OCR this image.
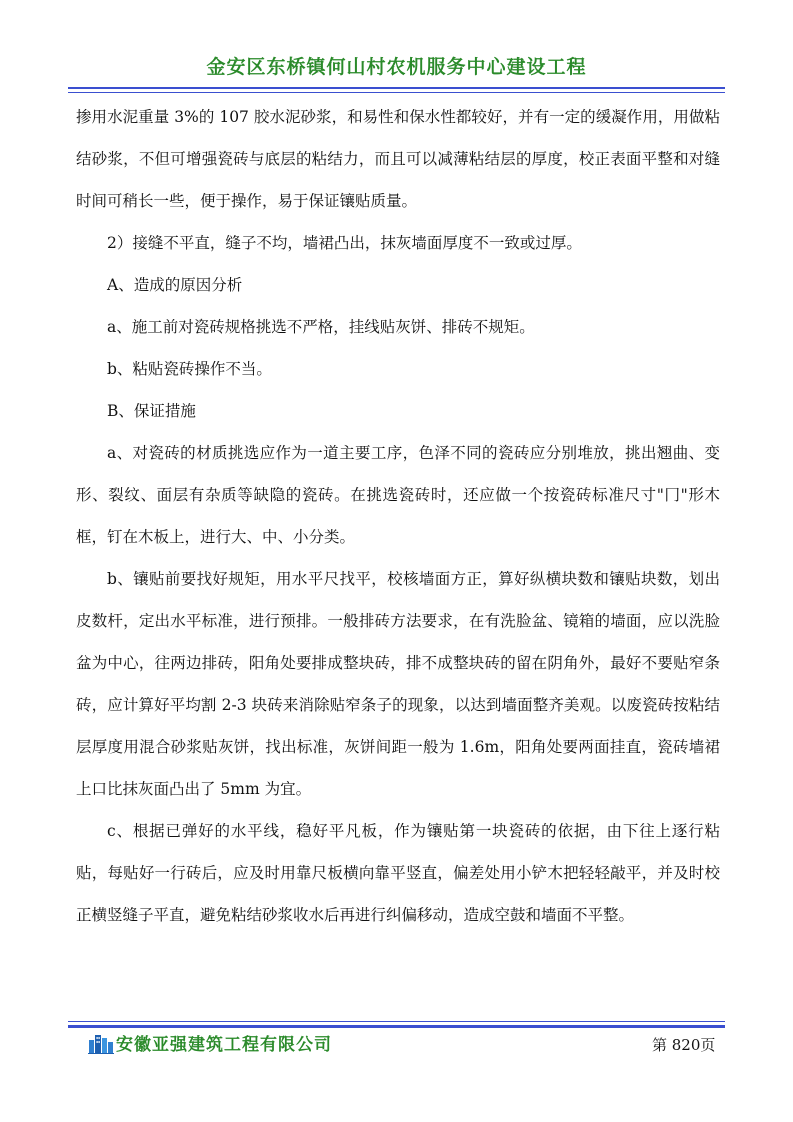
金安区东桥镇何山村农机服务中心建设工程

掺用水泥重量 3%的 107 胶水泥砂浆，和易性和保水性都较好，并有一定的缓凝作用，用做粘结砂浆，不但可增强瓷砖与底层的粘结力，而且可以减薄粘结层的厚度，校正表面平整和对缝时间可稍长一些，便于操作，易于保证镶贴质量。

2）接缝不平直，缝子不均，墙裙凸出，抹灰墙面厚度不一致或过厚。

A、造成的原因分析

a、施工前对瓷砖规格挑选不严格，挂线贴灰饼、排砖不规矩。

b、粘贴瓷砖操作不当。

B、保证措施

a、对瓷砖的材质挑选应作为一道主要工序，色泽不同的瓷砖应分别堆放，挑出翘曲、变形、裂纹、面层有杂质等缺隐的瓷砖。在挑选瓷砖时，还应做一个按瓷砖标准尺寸"冂"形木框，钉在木板上，进行大、中、小分类。

b、镶贴前要找好规矩，用水平尺找平，校核墙面方正，算好纵横块数和镶贴块数，划出皮数杆，定出水平标准，进行预排。一般排砖方法要求，在有洗脸盆、镜箱的墙面，应以洗脸盆为中心，往两边排砖，阳角处要排成整块砖，排不成整块砖的留在阴角外，最好不要贴窄条砖，应计算好平均割 2-3 块砖来消除贴窄条子的现象，以达到墙面整齐美观。以废瓷砖按粘结层厚度用混合砂浆贴灰饼，找出标准，灰饼间距一般为 1.6m，阳角处要两面挂直，瓷砖墙裙上口比抹灰面凸出了 5mm 为宜。

c、根据已弹好的水平线，稳好平凡板，作为镶贴第一块瓷砖的依据，由下往上逐行粘贴，每贴好一行砖后，应及时用靠尺板横向靠平竖直，偏差处用小铲木把轻轻敲平，并及时校正横竖缝子平直，避免粘结砂浆收水后再进行纠偏移动，造成空鼓和墙面不平整。

安徽亚强建筑工程有限公司	第 820页
